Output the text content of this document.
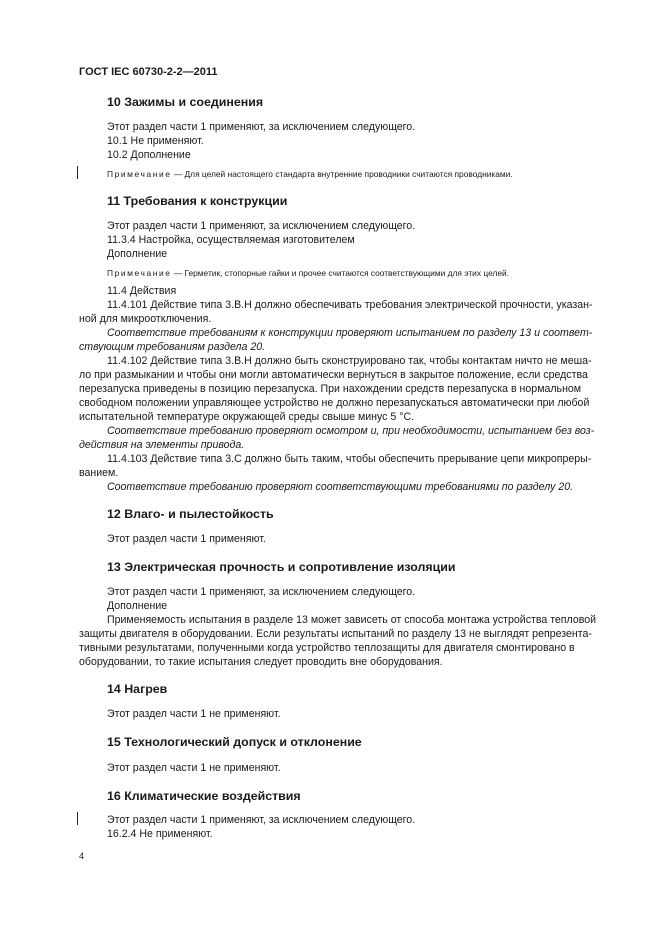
ГОСТ IEC 60730-2-2—2011
10 Зажимы и соединения
Этот раздел части 1 применяют, за исключением следующего.
10.1 Не применяют.
10.2 Дополнение
Примечание — Для целей настоящего стандарта внутренние проводники считаются проводниками.
11 Требования к конструкции
Этот раздел части 1 применяют, за исключением следующего.
11.3.4 Настройка, осуществляемая изготовителем
Дополнение
Примечание — Герметик, стопорные гайки и прочее считаются соответствующими для этих целей.
11.4 Действия
11.4.101 Действие типа 3.В.Н должно обеспечивать требования электрической прочности, указан-
ной для микроотключения.
Соответствие требованиям к конструкции проверяют испытанием по разделу 13 и соответ-
ствующим требованиям раздела 20.
11.4.102 Действие типа 3.В.Н должно быть сконструировано так, чтобы контактам ничто не меша-
ло при размыкании и чтобы они могли автоматически вернуться в закрытое положение, если средства
перезапуска приведены в позицию перезапуска. При нахождении средств перезапуска в нормальном
свободном положении управляющее устройство не должно перезапускаться автоматически при любой
испытательной температуре окружающей среды свыше минус 5 °С.
Соответствие требованию проверяют осмотром и, при необходимости, испытанием без воз-
действия на элементы привода.
11.4.103 Действие типа 3.С должно быть таким, чтобы обеспечить прерывание цепи микропреры-
ванием.
Соответствие требованию проверяют соответствующими требованиями по разделу 20.
12 Влаго- и пылестойкость
Этот раздел части 1 применяют.
13 Электрическая прочность и сопротивление изоляции
Этот раздел части 1 применяют, за исключением следующего.
Дополнение
Применяемость испытания в разделе 13 может зависеть от способа монтажа устройства тепловой
защиты двигателя в оборудовании. Если результаты испытаний по разделу 13 не выглядят репрезента-
тивными результатами, полученными когда устройство теплозащиты для двигателя смонтировано в
оборудовании, то такие испытания следует проводить вне оборудования.
14 Нагрев
Этот раздел части 1 не применяют.
15 Технологический допуск и отклонение
Этот раздел части 1 не применяют.
16 Климатические воздействия
Этот раздел части 1 применяют, за исключением следующего.
16.2.4 Не применяют.
4
